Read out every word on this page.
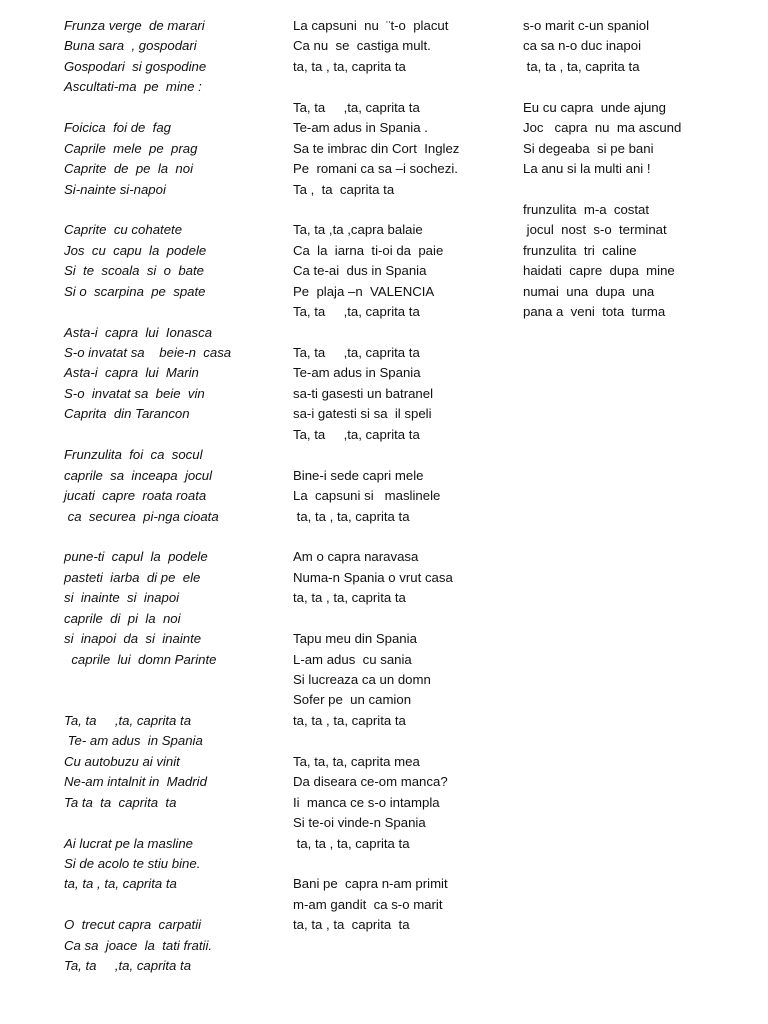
Frunza verge  de marari
Buna sara  , gospodari
Gospodari  si gospodine
Ascultati-ma  pe  mine :
Foicica  foi de  fag
Caprile  mele  pe  prag
Caprite  de  pe  la  noi
Si-nainte si-napoi
Caprite  cu cohatete
Jos  cu  capu  la  podele
Si  te  scoala  si  o  bate
Si o  scarpina  pe  spate
Asta-i  capra  lui  Ionasca
S-o invatat sa    beie-n  casa
Asta-i  capra  lui  Marin
S-o  invatat sa  beie  vin
Caprita  din Tarancon
Frunzulita  foi  ca  socul
caprile  sa  inceapa  jocul
jucati  capre  roata roata
ca  securea  pi-nga cioata
pune-ti  capul  la  podele
pasteti  iarba  di pe  ele
si  inainte  si  inapoi
caprile  di  pi  la  noi
si  inapoi  da  si  inainte
caprile  lui  domn Parinte
Ta, ta     ,ta, caprita ta
Te- am adus  in Spania
Cu autobuzu ai vinit
Ne-am intalnit in  Madrid
Ta ta  ta  caprita  ta
Ai lucrat pe la masline
Si de acolo te stiu bine.
ta, ta , ta, caprita ta
O  trecut capra  carpatii
Ca sa  joace  la  tati fratii.
Ta, ta     ,ta, caprita ta
La capsuni  nu  ¨t-o  placut
Ca nu  se  castiga mult.
ta, ta , ta, caprita ta
Ta, ta     ,ta, caprita ta
Te-am adus in Spania .
Sa te imbrac din Cort  Inglez
Pe  romani ca sa –i sochezi.
Ta ,  ta  caprita ta
Ta, ta ,ta ,capra balaie
Ca  la  iarna  ti-oi da  paie
Ca te-ai  dus in Spania
Pe  plaja –n  VALENCIA
Ta, ta     ,ta, caprita ta
Ta, ta     ,ta, caprita ta
Te-am adus in Spania
sa-ti gasesti un batranel
sa-i gatesti si sa  il speli
Ta, ta     ,ta, caprita ta
Bine-i sede capri mele
La  capsuni si   maslinele
ta, ta , ta, caprita ta
Am o capra naravasa
Numa-n Spania o vrut casa
ta, ta , ta, caprita ta
Tapu meu din Spania
L-am adus  cu sania
Si lucreaza ca un domn
Sofer pe  un camion
ta, ta , ta, caprita ta
Ta, ta, ta, caprita mea
Da diseara ce-om manca?
Ii  manca ce s-o intampla
Si te-oi vinde-n Spania
ta, ta , ta, caprita ta
Bani pe  capra n-am primit
m-am gandit  ca s-o marit
ta, ta , ta  caprita  ta
s-o marit c-un spaniol
ca sa n-o duc inapoi
ta, ta , ta, caprita ta
Eu cu capra  unde ajung
Joc   capra  nu  ma ascund
Si degeaba  si pe bani
La anu si la multi ani !
frunzulita  m-a  costat
jocul  nost  s-o  terminat
frunzulita  tri  caline
haidati  capre  dupa  mine
numai  una  dupa  una
pana a  veni  tota  turma
